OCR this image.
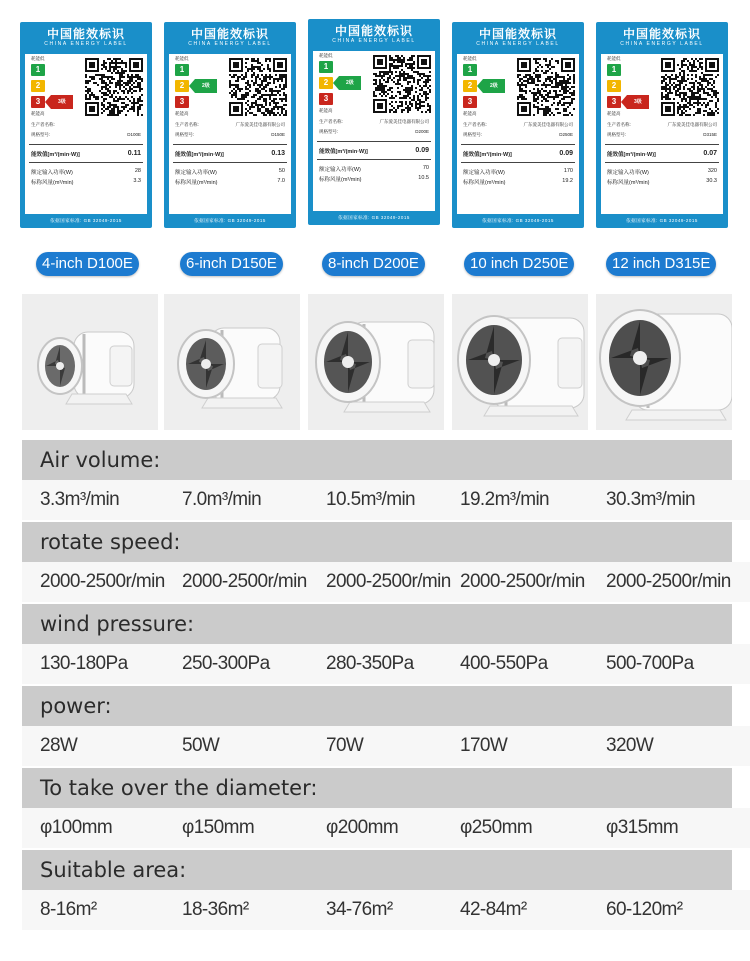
中国能效标识
CHINA ENERGY LABEL
耗能低
1
2
3	3级
耗能高
生产者名称:
规格型号:	D100E
能效值[m³/(min·W)]	0.11
额定输入功率(W)	28
标称风量(m³/min)	3.3
依据国家标准: GB 32049-2015
中国能效标识
CHINA ENERGY LABEL
耗能低
1
2
3
2级
耗能高
生产者名称:	广东爱美佳电器有限公司
规格型号:	D150E
能效值[m³/(min·W)]	0.13
额定输入功率(W)	50
标称风量(m³/min)	7.0
依据国家标准: GB 32049-2015
中国能效标识
CHINA ENERGY LABEL
耗能低
1
2
3
2级
耗能高
生产者名称:	广东爱美佳电器有限公司
规格型号:	D200E
能效值[m³/(min·W)]	0.09
额定输入功率(W)	70
标称风量(m³/min)	10.5
依据国家标准: GB 32049-2015
中国能效标识
CHINA ENERGY LABEL
耗能低
1
2
3
2级
耗能高
生产者名称:	广东爱美佳电器有限公司
规格型号:	D250E
能效值[m³/(min·W)]	0.09
额定输入功率(W)	170
标称风量(m³/min)	19.2
依据国家标准: GB 32049-2015
中国能效标识
CHINA ENERGY LABEL
耗能低
1
2
3	3级
耗能高
生产者名称:	广东爱美佳电器有限公司
规格型号:	D315E
能效值[m³/(min·W)]	0.07
额定输入功率(W)	320
标称风量(m³/min)	30.3
依据国家标准: GB 32049-2015
4-inch D100E	6-inch D150E	8-inch D200E	10 inch D250E	12 inch D315E
Air volume:
3.3m³/min	7.0m³/min	10.5m³/min 19.2m³/min	30.3m³/min
rotate speed:
2000-2500r/min 2000-2500r/min 2000-2500r/min 2000-2500r/min 2000-2500r/min
wind pressure:
130-180Pa	250-300Pa	280-350Pa 400-550Pa	500-700Pa
power:
28W	50W	70W	170W	320W
To take over the diameter:
φ100mm	φ150mm	φ200mm	φ250mm	φ315mm
Suitable area:
8-16m²	18-36m²	34-76m²	42-84m²	60-120m²
